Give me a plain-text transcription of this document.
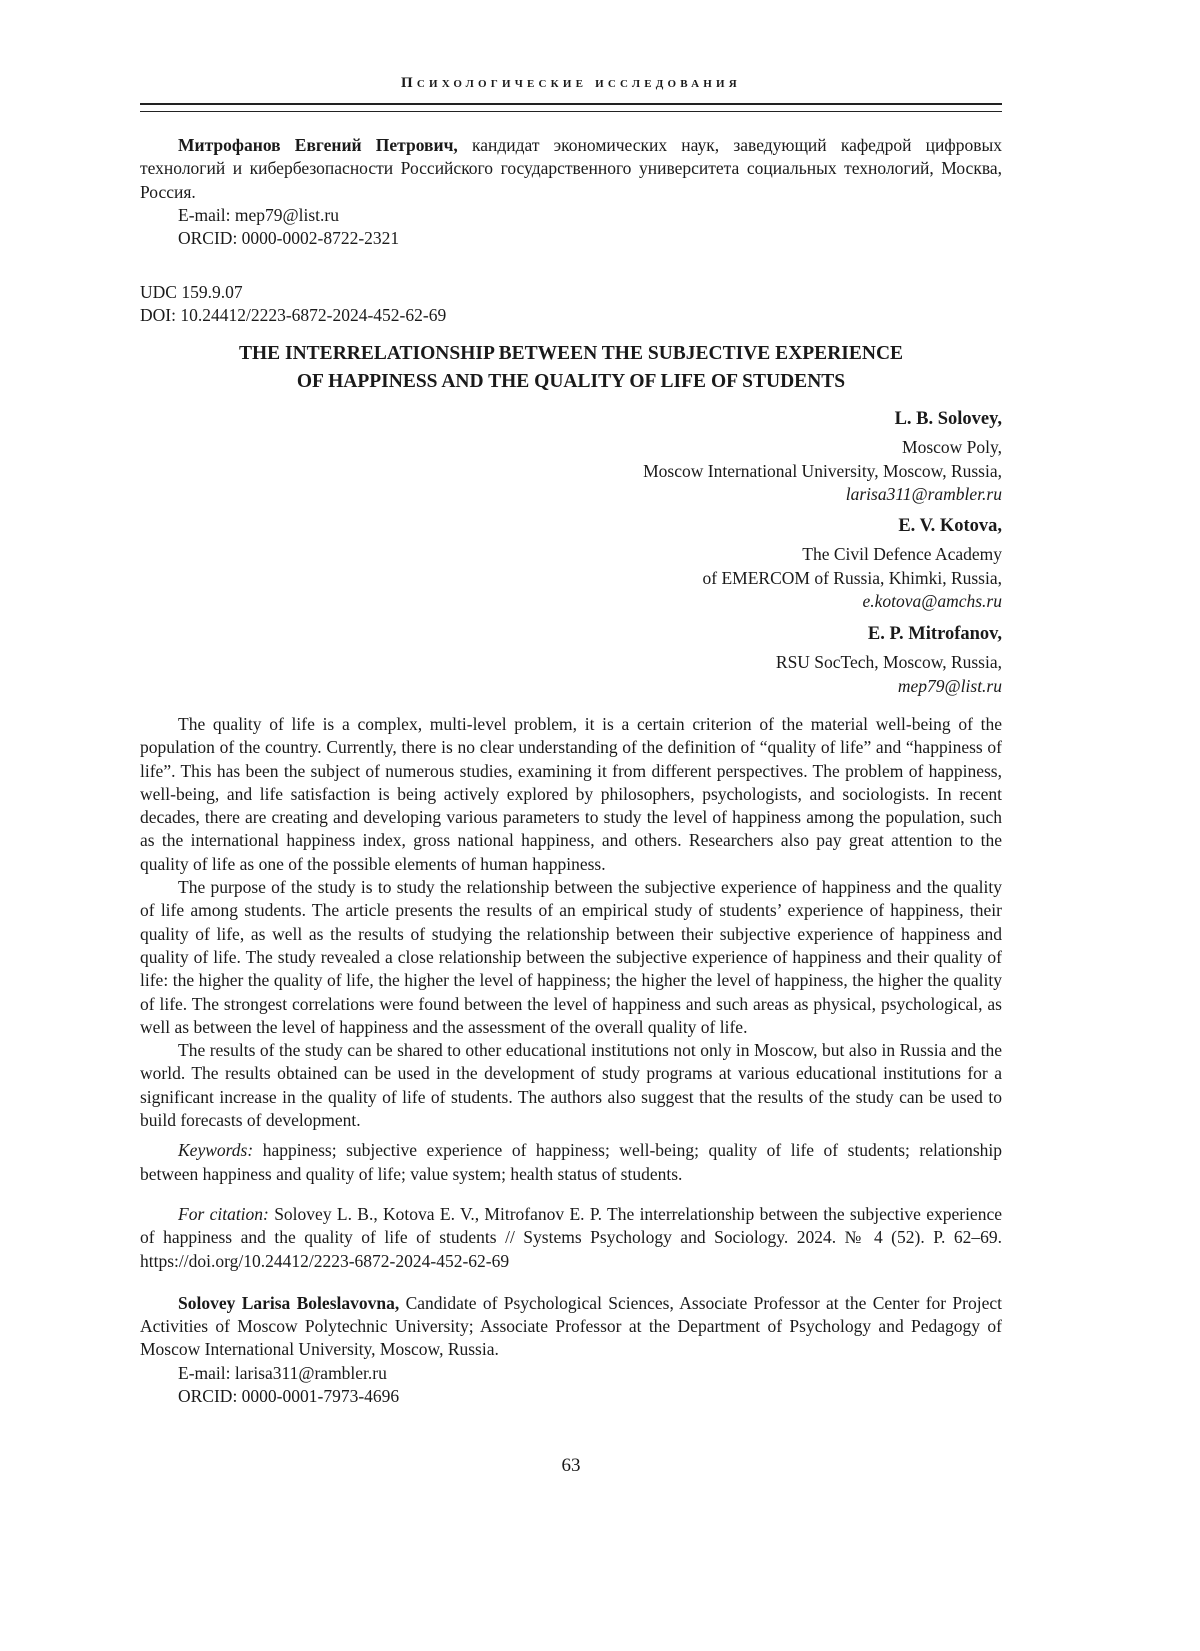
Психологические исследования

Митрофанов Евгений Петрович, кандидат экономических наук, заведующий кафедрой цифровых технологий и кибербезопасности Российского государственного университета социальных технологий, Москва, Россия.

E-mail: mep79@list.ru

ORCID: 0000-0002-8722-2321

UDC 159.9.07

DOI: 10.24412/2223-6872-2024-452-62-69

THE INTERRELATIONSHIP BETWEEN THE SUBJECTIVE EXPERIENCE
OF HAPPINESS AND THE QUALITY OF LIFE OF STUDENTS
L. B. Solovey,
Moscow Poly,
Moscow International University, Moscow, Russia,
larisa311@rambler.ru
E. V. Kotova,
The Civil Defence Academy
of EMERCOM of Russia, Khimki, Russia,
e.kotova@amchs.ru
E. P. Mitrofanov,
RSU SocTech, Moscow, Russia,
mep79@list.ru

The quality of life is a complex, multi-level problem, it is a certain criterion of the material well-being of the population of the country. Currently, there is no clear understanding of the definition of “quality of life” and “happiness of life”. This has been the subject of numerous studies, examining it from different perspectives. The problem of happiness, well-being, and life satisfaction is being actively explored by philosophers, psychologists, and sociologists. In recent decades, there are creating and developing various parameters to study the level of happiness among the population, such as the international happiness index, gross national happiness, and others. Researchers also pay great attention to the quality of life as one of the possible elements of human happiness.

The purpose of the study is to study the relationship between the subjective experience of happiness and the quality of life among students. The article presents the results of an empirical study of students’ experience of happiness, their quality of life, as well as the results of studying the relationship between their subjective experience of happiness and quality of life. The study revealed a close relationship between the subjective experience of happiness and their quality of life: the higher the quality of life, the higher the level of happiness; the higher the level of happiness, the higher the quality of life. The strongest correlations were found between the level of happiness and such areas as physical, psychological, as well as between the level of happiness and the assessment of the overall quality of life.

The results of the study can be shared to other educational institutions not only in Moscow, but also in Russia and the world. The results obtained can be used in the development of study programs at various educational institutions for a significant increase in the quality of life of students. The authors also suggest that the results of the study can be used to build forecasts of development.

Keywords: happiness; subjective experience of happiness; well-being; quality of life of students; relationship between happiness and quality of life; value system; health status of students.

For citation: Solovey L. B., Kotova E. V., Mitrofanov E. P. The interrelationship between the subjective experience of happiness and the quality of life of students // Systems Psychology and Sociology. 2024. № 4 (52). P. 62–69. https://doi.org/10.24412/2223-6872-2024-452-62-69

Solovey Larisa Boleslavovna, Candidate of Psychological Sciences, Associate Professor at the Center for Project Activities of Moscow Polytechnic University; Associate Professor at the Department of Psychology and Pedagogy of Moscow International University, Moscow, Russia.

E-mail: larisa311@rambler.ru

ORCID: 0000-0001-7973-4696

63
